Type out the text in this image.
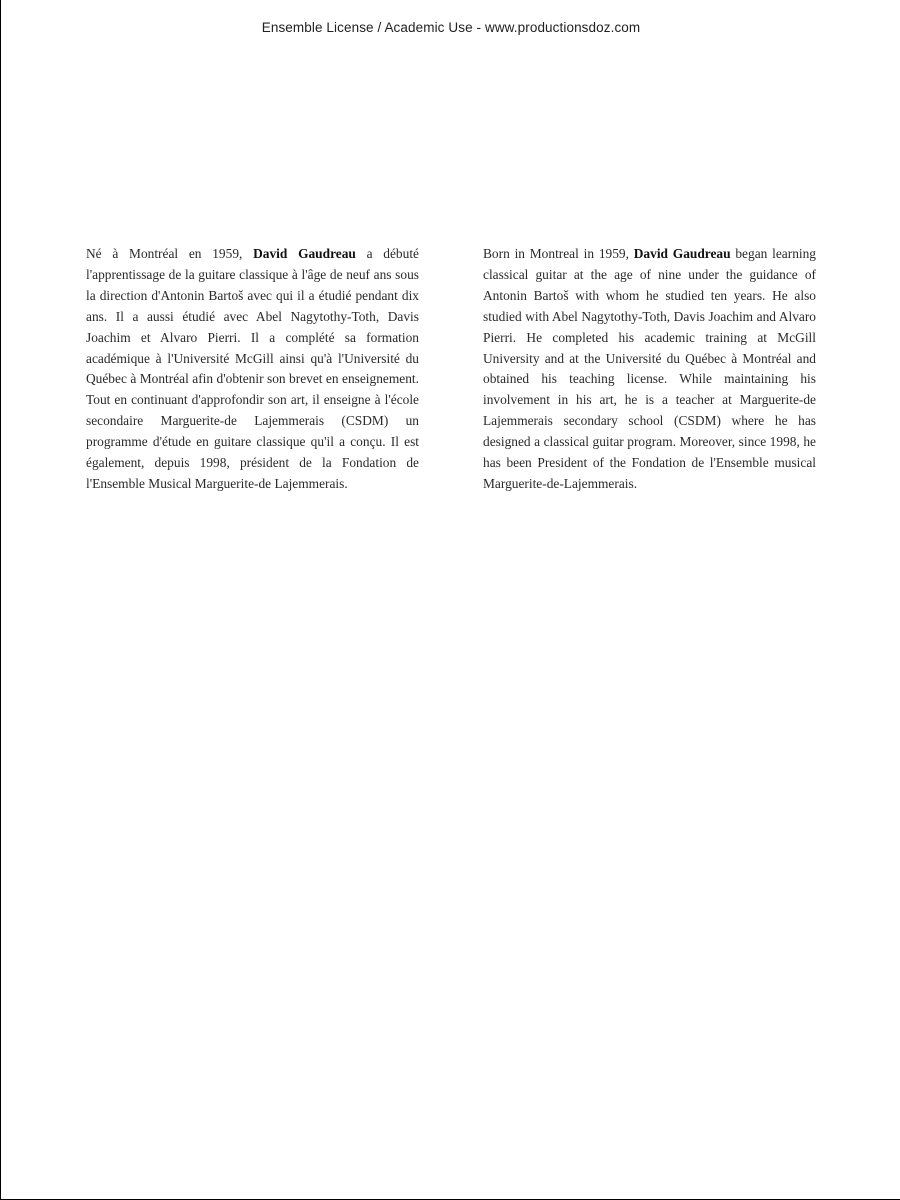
Ensemble License / Academic Use - www.productionsdoz.com

Né à Montréal en 1959, David Gaudreau a débuté l'apprentissage de la guitare classique à l'âge de neuf ans sous la direction d'Antonin Bartoš avec qui il a étudié pendant dix ans. Il a aussi étudié avec Abel Nagytothy-Toth, Davis Joachim et Alvaro Pierri. Il a complété sa formation académique à l'Université McGill ainsi qu'à l'Université du Québec à Montréal afin d'obtenir son brevet en enseignement. Tout en continuant d'approfondir son art, il enseigne à l'école secondaire Marguerite-de Lajemmerais (CSDM) un programme d'étude en guitare classique qu'il a conçu. Il est également, depuis 1998, président de la Fondation de l'Ensemble Musical Marguerite-de Lajemmerais.

Born in Montreal in 1959, David Gaudreau began learning classical guitar at the age of nine under the guidance of Antonin Bartoš with whom he studied ten years. He also studied with Abel Nagytothy-Toth, Davis Joachim and Alvaro Pierri. He completed his academic training at McGill University and at the Université du Québec à Montréal and obtained his teaching license. While maintaining his involvement in his art, he is a teacher at Marguerite-de Lajemmerais secondary school (CSDM) where he has designed a classical guitar program. Moreover, since 1998, he has been President of the Fondation de l'Ensemble musical Marguerite-de-Lajemmerais.
